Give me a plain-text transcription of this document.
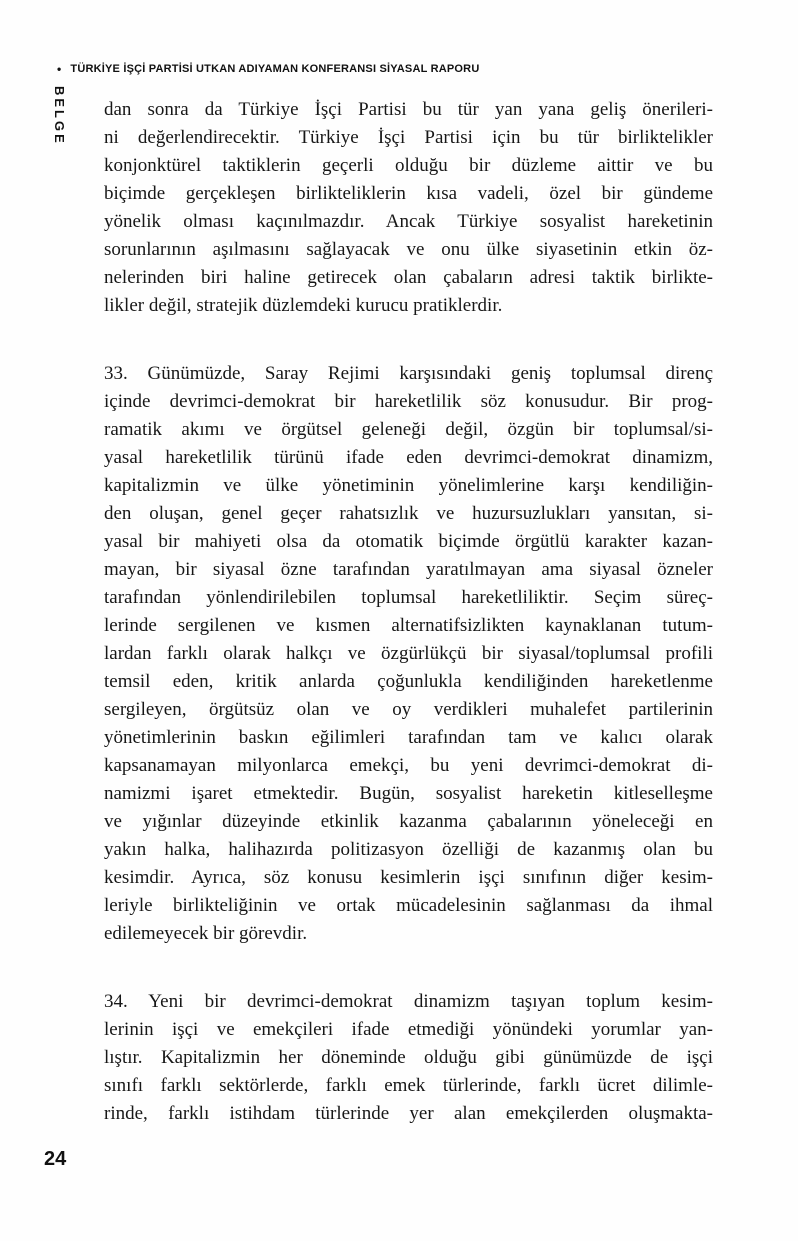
• TÜRKİYE İŞÇİ PARTİSİ UTKAN ADIYAMAN KONFERANSI SİYASAL RAPORU
BELGE dan sonra da Türkiye İşçi Partisi bu tür yan yana geliş önerileri-
ni değerlendirecektir. Türkiye İşçi Partisi için bu tür birliktelikler
konjonktürel taktiklerin geçerli olduğu bir düzleme aittir ve bu
biçimde gerçekleşen birlikteliklerin kısa vadeli, özel bir gündeme
yönelik olması kaçınılmazdır. Ancak Türkiye sosyalist hareketinin
sorunlarının aşılmasını sağlayacak ve onu ülke siyasetinin etkin öz-
nelerinden biri haline getirecek olan çabaların adresi taktik birlikte-
likler değil, stratejik düzlemdeki kurucu pratiklerdir.
33. Günümüzde, Saray Rejimi karşısındaki geniş toplumsal direnç
içinde devrimci-demokrat bir hareketlilik söz konusudur. Bir prog-
ramatik akımı ve örgütsel geleneği değil, özgün bir toplumsal/si-
yasal hareketlilik türünü ifade eden devrimci-demokrat dinamizm,
kapitalizmin ve ülke yönetiminin yönelimlerine karşı kendiliğin-
den oluşan, genel geçer rahatsızlık ve huzursuzlukları yansıtan, si-
yasal bir mahiyeti olsa da otomatik biçimde örgütlü karakter kazan-
mayan, bir siyasal özne tarafından yaratılmayan ama siyasal özneler
tarafından yönlendirilebilen toplumsal hareketliliktir. Seçim süreç-
lerinde sergilenen ve kısmen alternatifsizlikten kaynaklanan tutum-
lardan farklı olarak halkçı ve özgürlükçü bir siyasal/toplumsal profili
temsil eden, kritik anlarda çoğunlukla kendiliğinden hareketlenme
sergileyen, örgütsüz olan ve oy verdikleri muhalefet partilerinin
yönetimlerinin baskın eğilimleri tarafından tam ve kalıcı olarak
kapsanamayan milyonlarca emekçi, bu yeni devrimci-demokrat di-
namizmi işaret etmektedir. Bugün, sosyalist hareketin kitleselleşme
ve yığınlar düzeyinde etkinlik kazanma çabalarının yöneleceği en
yakın halka, halihazırda politizasyon özelliği de kazanmış olan bu
kesimdir. Ayrıca, söz konusu kesimlerin işçi sınıfının diğer kesim-
leriyle birlikteliğinin ve ortak mücadelesinin sağlanması da ihmal
edilemeyecek bir görevdir.
34. Yeni bir devrimci-demokrat dinamizm taşıyan toplum kesim-
lerinin işçi ve emekçileri ifade etmediği yönündeki yorumlar yan-
lıştır. Kapitalizmin her döneminde olduğu gibi günümüzde de işçi
sınıfı farklı sektörlerde, farklı emek türlerinde, farklı ücret dilimle-
rinde, farklı istihdam türlerinde yer alan emekçilerden oluşmakta-
24
